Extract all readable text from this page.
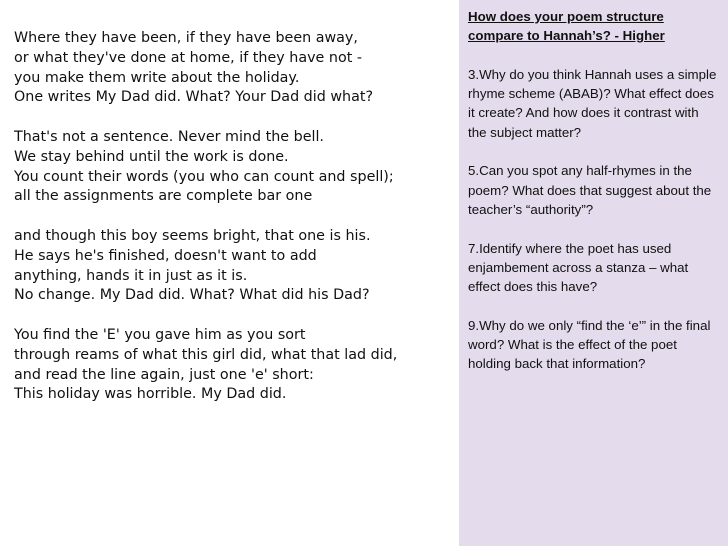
Where they have been, if they have been away,
or what they've done at home, if they have not -
you make them write about the holiday.
One writes My Dad did. What? Your Dad did what?
That's not a sentence. Never mind the bell.
We stay behind until the work is done.
You count their words (you who can count and spell);
all the assignments are complete bar one
and though this boy seems bright, that one is his.
He says he's finished, doesn't want to add
anything, hands it in just as it is.
No change. My Dad did. What? What did his Dad?
You find the 'E' you gave him as you sort
through reams of what this girl did, what that lad did,
and read the line again, just one 'e' short:
This holiday was horrible. My Dad did.

How does your poem structure compare to Hannah’s? - Higher

3.Why do you think Hannah uses a simple rhyme scheme (ABAB)? What effect does it create? And how does it contrast with the subject matter?

5.Can you spot any half-rhymes in the poem? What does that suggest about the teacher’s “authority”?

7.Identify where the poet has used enjambement across a stanza – what effect does this have?

9.Why do we only “find the ‘e’” in the final word? What is the effect of the poet holding back that information?
